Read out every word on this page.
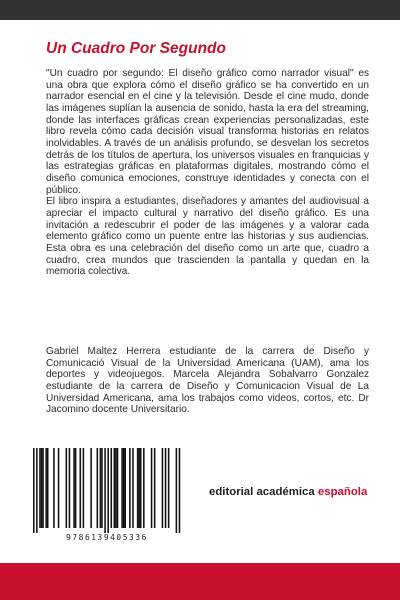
Un Cuadro Por Segundo

"Un cuadro por segundo: El diseño gráfico como narrador visual" es una obra que explora cómo el diseño gráfico se ha convertido en un narrador esencial en el cine y la televisión. Desde el cine mudo, donde las imágenes suplían la ausencia de sonido, hasta la era del streaming, donde las interfaces gráficas crean experiencias personalizadas, este libro revela cómo cada decisión visual transforma historias en relatos inolvidables. A través de un análisis profundo, se desvelan los secretos detrás de los títulos de apertura, los universos visuales en franquicias y las estrategias gráficas en plataformas digitales, mostrando cómo el diseño comunica emociones, construye identidades y conecta con el público.

El libro inspira a estudiantes, diseñadores y amantes del audiovisual a apreciar el impacto cultural y narrativo del diseño gráfico. Es una invitación a redescubrir el poder de las imágenes y a valorar cada elemento gráfico como un puente entre las historias y sus audiencias. Esta obra es una celebración del diseño como un arte que, cuadro a cuadro, crea mundos que trascienden la pantalla y quedan en la memoria colectiva.

Gabriel Maltez Herrera estudiante de la carrera de Diseño y Comunicació Visual de la Universidad Americana (UAM), ama los deportes y videojuegos. Marcela Alejandra Sobalvarro Gonzalez estudiante de la carrera de Diseño y Comunicacion Visual de La Universidad Americana, ama los trabajos como videos, cortos, etc. Dr Jacomino docente Universitario.

9786139405336
editorial académica española
